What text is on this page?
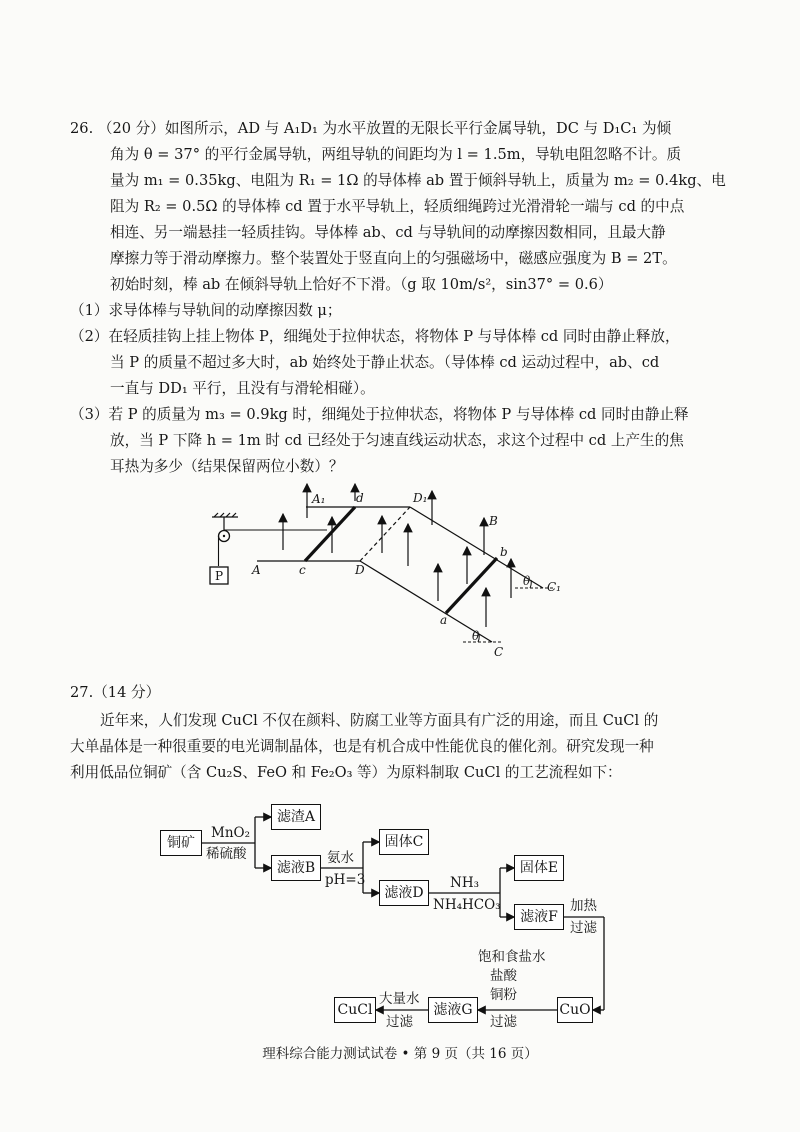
26. （20 分）如图所示，AD 与 A₁D₁ 为水平放置的无限长平行金属导轨，DC 与 D₁C₁ 为倾

角为 θ = 37° 的平行金属导轨，两组导轨的间距均为 l = 1.5m，导轨电阻忽略不计。质

量为 m₁ = 0.35kg、电阻为 R₁ = 1Ω 的导体棒 ab 置于倾斜导轨上，质量为 m₂ = 0.4kg、电

阻为 R₂ = 0.5Ω 的导体棒 cd 置于水平导轨上，轻质细绳跨过光滑滑轮一端与 cd 的中点

相连、另一端悬挂一轻质挂钩。导体棒 ab、cd 与导轨间的动摩擦因数相同，且最大静

摩擦力等于滑动摩擦力。整个装置处于竖直向上的匀强磁场中，磁感应强度为 B = 2T。

初始时刻，棒 ab 在倾斜导轨上恰好不下滑。（g 取 10m/s²，sin37° = 0.6）

（1）求导体棒与导轨间的动摩擦因数 μ；

（2）在轻质挂钩上挂上物体 P，细绳处于拉伸状态，将物体 P 与导体棒 cd 同时由静止释放，

当 P 的质量不超过多大时，ab 始终处于静止状态。（导体棒 cd 运动过程中，ab、cd

一直与 DD₁ 平行，且没有与滑轮相碰）。

（3）若 P 的质量为 m₃ = 0.9kg 时，细绳处于拉伸状态，将物体 P 与导体棒 cd 同时由静止释

放，当 P 下降 h = 1m 时 cd 已经处于匀速直线运动状态，求这个过程中 cd 上产生的焦

耳热为多少（结果保留两位小数）？

A₁	d	D₁
B
b
θ C₁
P A	c	D
a
θ
C
27.（14 分）

近年来，人们发现 CuCl 不仅在颜料、防腐工业等方面具有广泛的用途，而且 CuCl 的

大单晶体是一种很重要的电光调制晶体，也是有机合成中性能优良的催化剂。研究发现一种

利用低品位铜矿（含 Cu₂S、FeO 和 Fe₂O₃ 等）为原料制取 CuCl 的工艺流程如下：

铜矿
滤渣A
滤液B
固体C
滤液D
固体E
滤液F
CuO
滤液G
CuCl
MnO₂
稀硫酸	氨水
pH=3	NH₃
NH₄HCO₃	加热
过滤
饱和食盐水
盐酸
铜粉
过滤
大量水
过滤
理科综合能力测试试卷 • 第 9 页（共 16 页）
